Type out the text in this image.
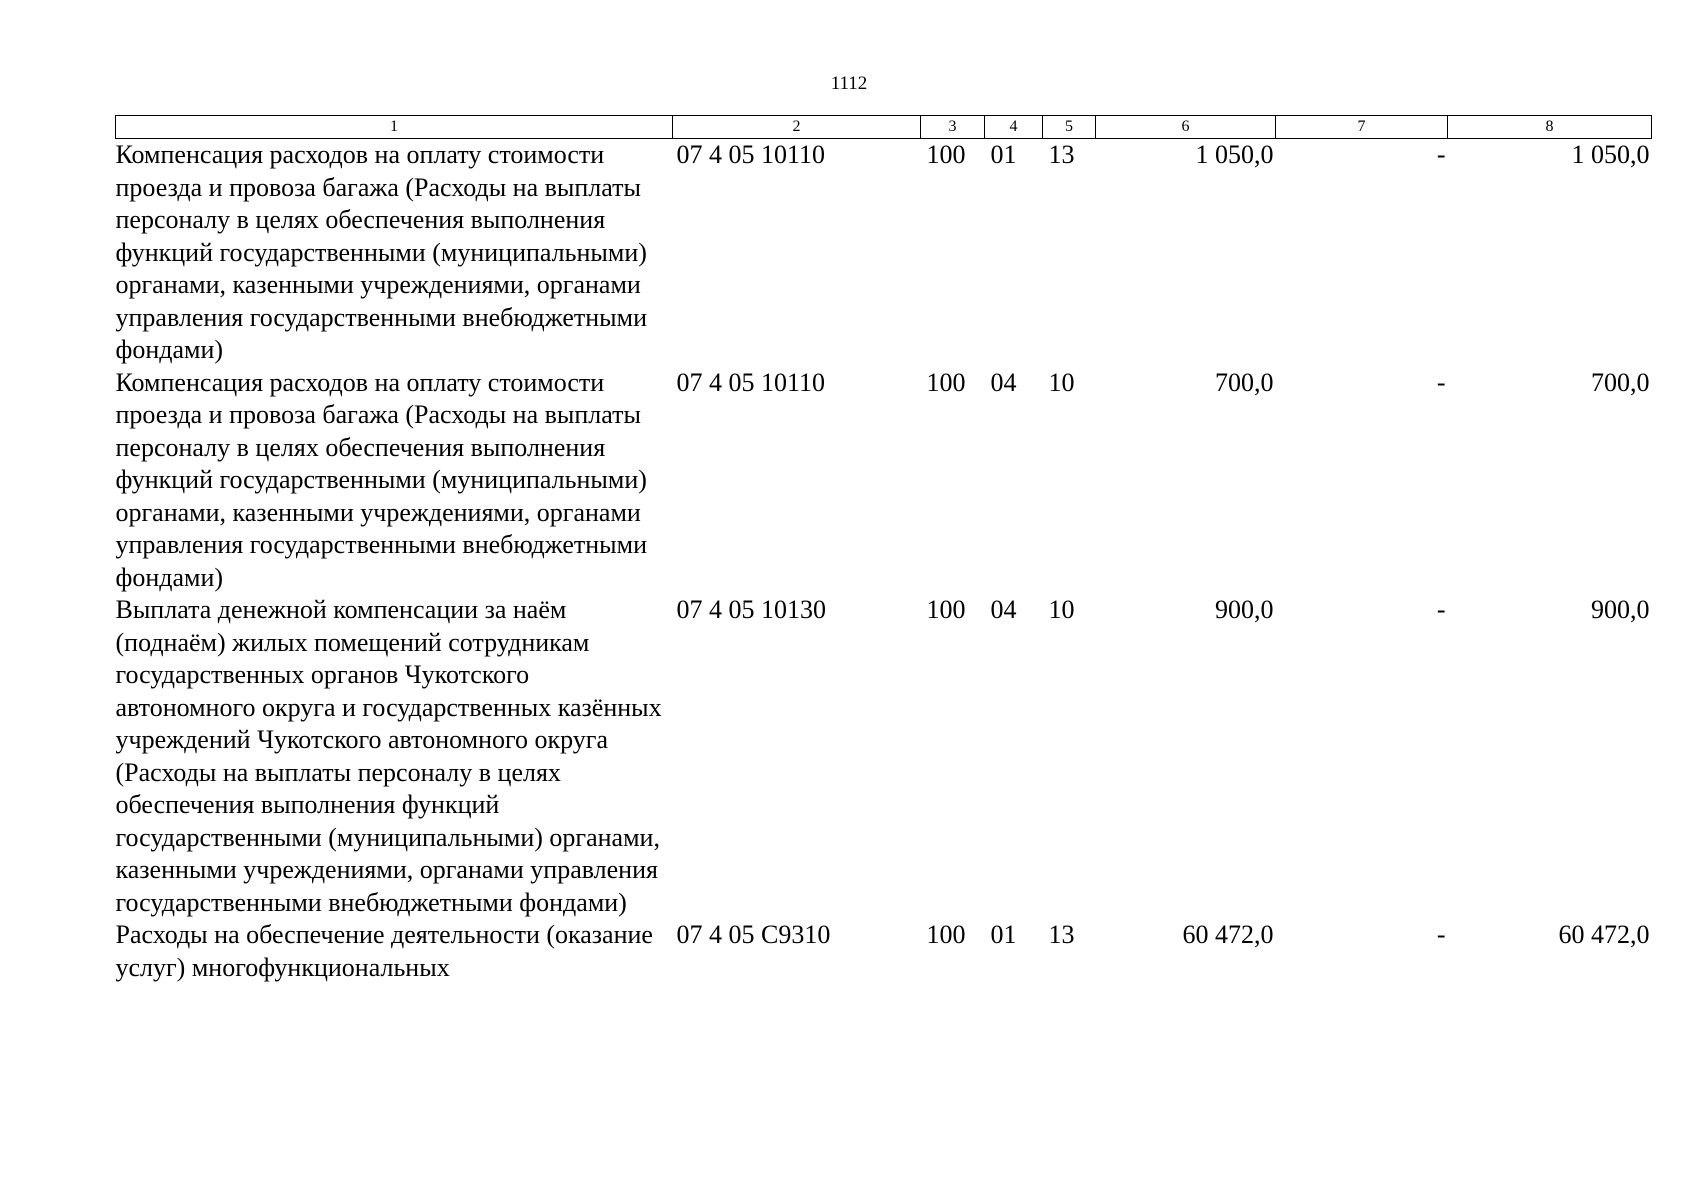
1112
1	2	3	4	5	6	7	8
Компенсация расходов на оплату стоимости проезда и провоза багажа (Расходы на выплаты персоналу в целях обеспечения выполнения функций государственными (муниципальными) органами, казенными учреждениями, органами управления государственными внебюджетными фондами)	07 4 05 10110	100	01	13	1 050,0	-	1 050,0
Компенсация расходов на оплату стоимости проезда и провоза багажа (Расходы на выплаты персоналу в целях обеспечения выполнения функций государственными (муниципальными) органами, казенными учреждениями, органами управления государственными внебюджетными фондами)	07 4 05 10110	100	04	10	700,0	-	700,0
Выплата денежной компенсации за наём (поднаём) жилых помещений сотрудникам государственных органов Чукотского автономного округа и государственных казённых учреждений Чукотского автономного округа (Расходы на выплаты персоналу в целях обеспечения выполнения функций государственными (муниципальными) органами, казенными учреждениями, органами управления государственными внебюджетными фондами)	07 4 05 10130	100	04	10	900,0	-	900,0
Расходы на обеспечение деятельности (оказание услуг) многофункциональных	07 4 05 С9310	100	01	13	60 472,0	-	60 472,0
